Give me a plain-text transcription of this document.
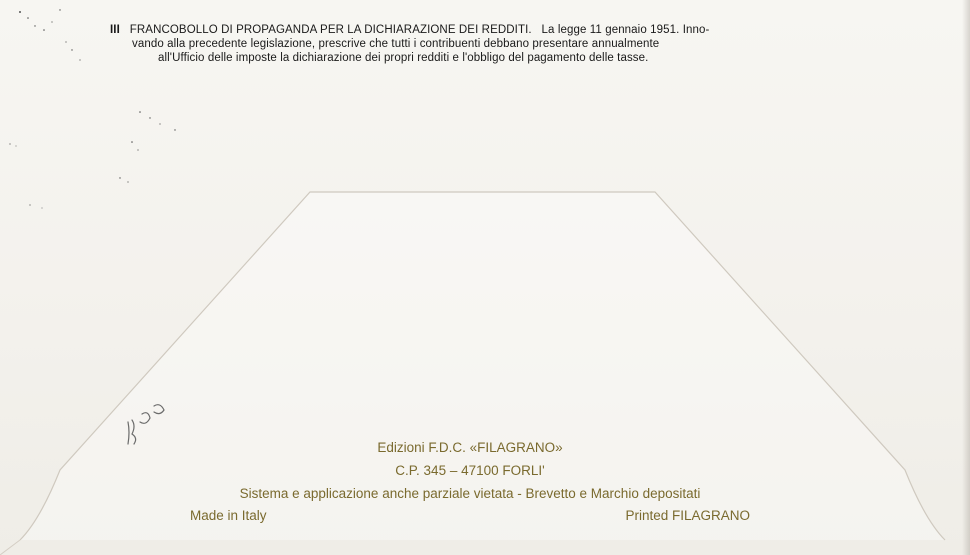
III FRANCOBOLLO DI PROPAGANDA PER LA DICHIARAZIONE DEI REDDITI. La legge 11 gennaio 1951. Inno-
vando alla precedente legislazione, prescrive che tutti i contribuenti debbano presentare annualmente
all'Ufficio delle imposte la dichiarazione dei propri redditi e l'obbligo del pagamento delle tasse.
Edizioni F.D.C. «FILAGRANO»
C.P. 345 – 47100 FORLI'
Sistema e applicazione anche parziale vietata - Brevetto e Marchio depositati
Made in Italy	Printed FILAGRANO
